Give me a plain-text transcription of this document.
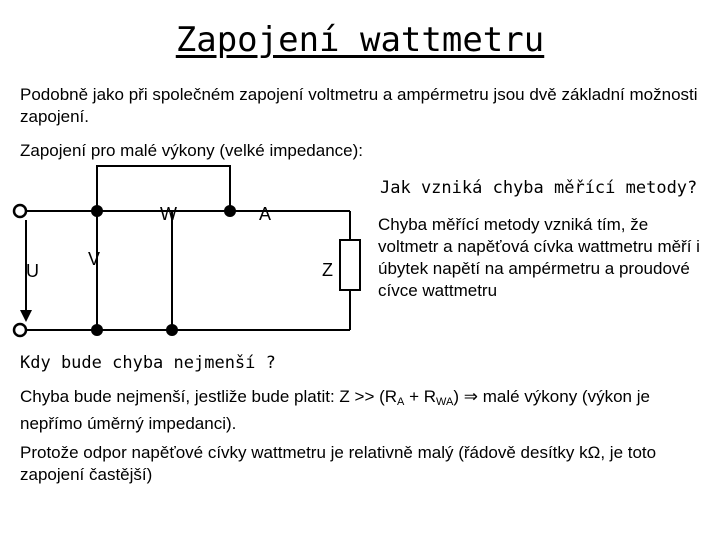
Zapojení wattmetru
Podobně jako při společném zapojení voltmetru a ampérmetru jsou dvě základní možnosti zapojení.
Zapojení pro malé výkony (velké impedance):
U
W	A
V
Z
Jak vzniká chyba měřící metody?
Chyba měřící metody vzniká tím, že voltmetr a napěťová cívka wattmetru měří i úbytek napětí na ampérmetru a proudové cívce wattmetru
Kdy bude chyba nejmenší ?
Chyba bude nejmenší, jestliže bude platit: $Z >> (R_A + R_{WA})$ ⇒ malé výkony (výkon je nepřímo úměrný impedanci).
Protože odpor napěťové cívky wattmetru je relativně malý (řádově desítky kΩ, je toto zapojení častější)
